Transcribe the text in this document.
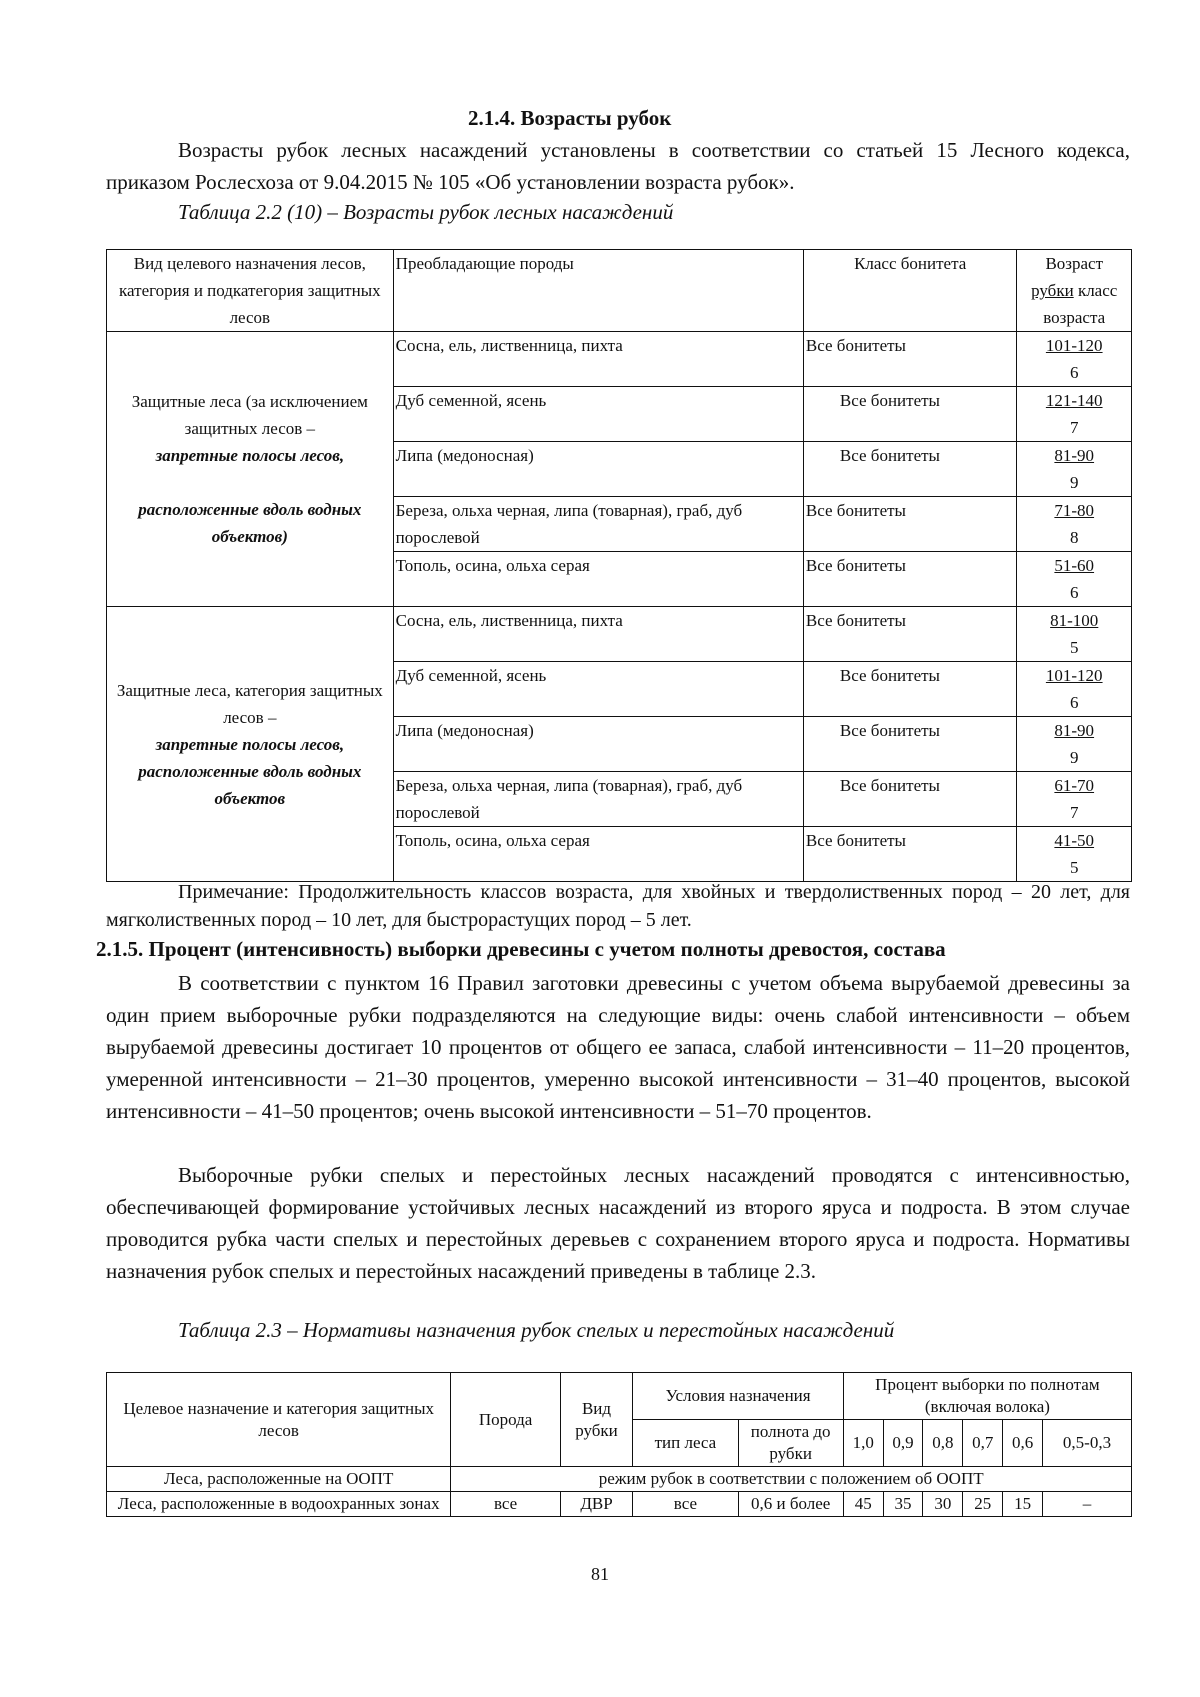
2.1.4. Возрасты рубок
Возрасты рубок лесных насаждений установлены в соответствии со статьей 15 Лесного кодекса, приказом Рослесхоза от 9.04.2015 № 105 «Об установлении возраста рубок».
Таблица 2.2 (10) – Возрасты рубок лесных насаждений
Вид целевого назначения лесов, категория и подкатегория защитных лесов	Преобладающие породы	Класс бонитета	Возраст
рубки класс возраста
Защитные леса (за исключением защитных лесов –
запретные полосы лесов,

расположенные вдоль водных объектов)	Сосна, ель, лиственница, пихта	Все бонитеты	101-120
6
	Дуб семенной, ясень	Все бонитеты	121-140
7
	Липа (медоносная)	Все бонитеты	81-90
9
	Береза, ольха черная, липа (товарная), граб, дуб порослевой	Все бонитеты	71-80
8
	Тополь, осина, ольха серая	Все бонитеты	51-60
6
Защитные леса, категория защитных лесов –
запретные полосы лесов, расположенные вдоль водных объектов	Сосна, ель, лиственница, пихта	Все бонитеты	81-100
5
	Дуб семенной, ясень	Все бонитеты	101-120
6
	Липа (медоносная)	Все бонитеты	81-90
9
	Береза, ольха черная, липа (товарная), граб, дуб порослевой	Все бонитеты	61-70
7
	Тополь, осина, ольха серая	Все бонитеты	41-50
5
Примечание: Продолжительность классов возраста, для хвойных и твердолиственных пород – 20 лет, для мягколиственных пород – 10 лет, для быстрорастущих пород – 5 лет.
2.1.5. Процент (интенсивность) выборки древесины с учетом полноты древостоя, состава
В соответствии с пунктом 16 Правил заготовки древесины с учетом объема вырубаемой древесины за один прием выборочные рубки подразделяются на следующие виды: очень слабой интенсивности – объем вырубаемой древесины достигает 10 процентов от общего ее запаса, слабой интенсивности – 11–20 процентов, умеренной интенсивности – 21–30 процентов, умеренно высокой интенсивности – 31–40 процентов, высокой интенсивности – 41–50 процентов; очень высокой интенсивности – 51–70 процентов.
Выборочные рубки спелых и перестойных лесных насаждений проводятся с интенсивностью, обеспечивающей формирование устойчивых лесных насаждений из второго яруса и подроста. В этом случае проводится рубка части спелых и перестойных деревьев с сохранением второго яруса и подроста. Нормативы назначения рубок спелых и перестойных насаждений приведены в таблице 2.3.
Таблица 2.3 – Нормативы назначения рубок спелых и перестойных насаждений
Целевое назначение и категория защитных лесов	Порода	Вид рубки	Условия назначения		Процент выборки по полнотам (включая волока)					
			тип леса	полнота до рубки	1,0	0,9	0,8	0,7	0,6	0,5-0,3
Леса, расположенные на ООПТ	режим рубок в соответствии с положением об ООПТ									
Леса, расположенные в водоохранных зонах	все	ДВР	все	0,6 и более	45	35	30	25	15	–
81
